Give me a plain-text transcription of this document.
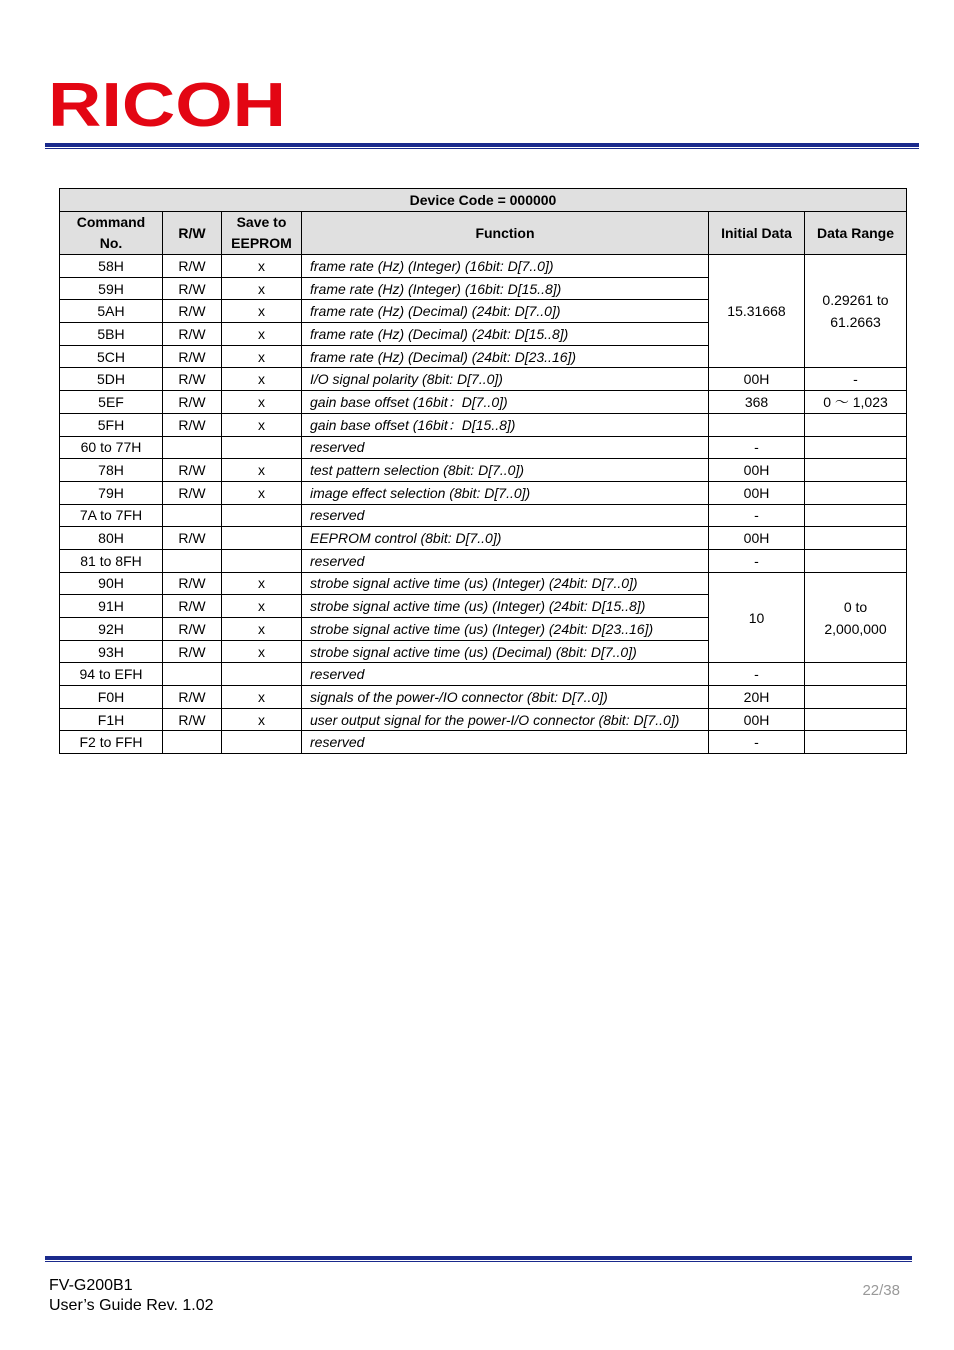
RICOH
Device Code = 000000					
Command No.	R/W	Save to EEPROM	Function	Initial Data	Data Range
58H	R/W	x	frame rate (Hz) (Integer) (16bit: D[7..0])	15.31668	0.29261 to 61.2663
59H	R/W	x	frame rate (Hz) (Integer) (16bit: D[15..8])		
5AH	R/W	x	frame rate (Hz) (Decimal) (24bit: D[7..0])		
5BH	R/W	x	frame rate (Hz) (Decimal) (24bit: D[15..8])		
5CH	R/W	x	frame rate (Hz) (Decimal) (24bit: D[23..16])		
5DH	R/W	x	I/O signal polarity (8bit: D[7..0])	00H	-
5EF	R/W	x	gain base offset (16bit：D[7..0])	368	0 ～ 1,023
5FH	R/W	x	gain base offset (16bit：D[15..8])		
60 to 77H			reserved	-	
78H	R/W	x	test pattern selection (8bit: D[7..0])	00H	
79H	R/W	x	image effect selection (8bit: D[7..0])	00H	
7A to 7FH			reserved	-	
80H	R/W		EEPROM control (8bit: D[7..0])	00H	
81 to 8FH			reserved	-	
90H	R/W	x	strobe signal active time (us) (Integer) (24bit: D[7..0])	10	0 to 2,000,000
91H	R/W	x	strobe signal active time (us) (Integer) (24bit: D[15..8])		
92H	R/W	x	strobe signal active time (us) (Integer) (24bit: D[23..16])		
93H	R/W	x	strobe signal active time (us) (Decimal) (8bit: D[7..0])		
94 to EFH			reserved	-	
F0H	R/W	x	signals of the power-/IO connector (8bit: D[7..0])	20H	
F1H	R/W	x	user output signal for the power-I/O connector (8bit: D[7..0])	00H	
F2 to FFH			reserved	-	
FV-G200B1
User’s Guide Rev. 1.02
22/38
